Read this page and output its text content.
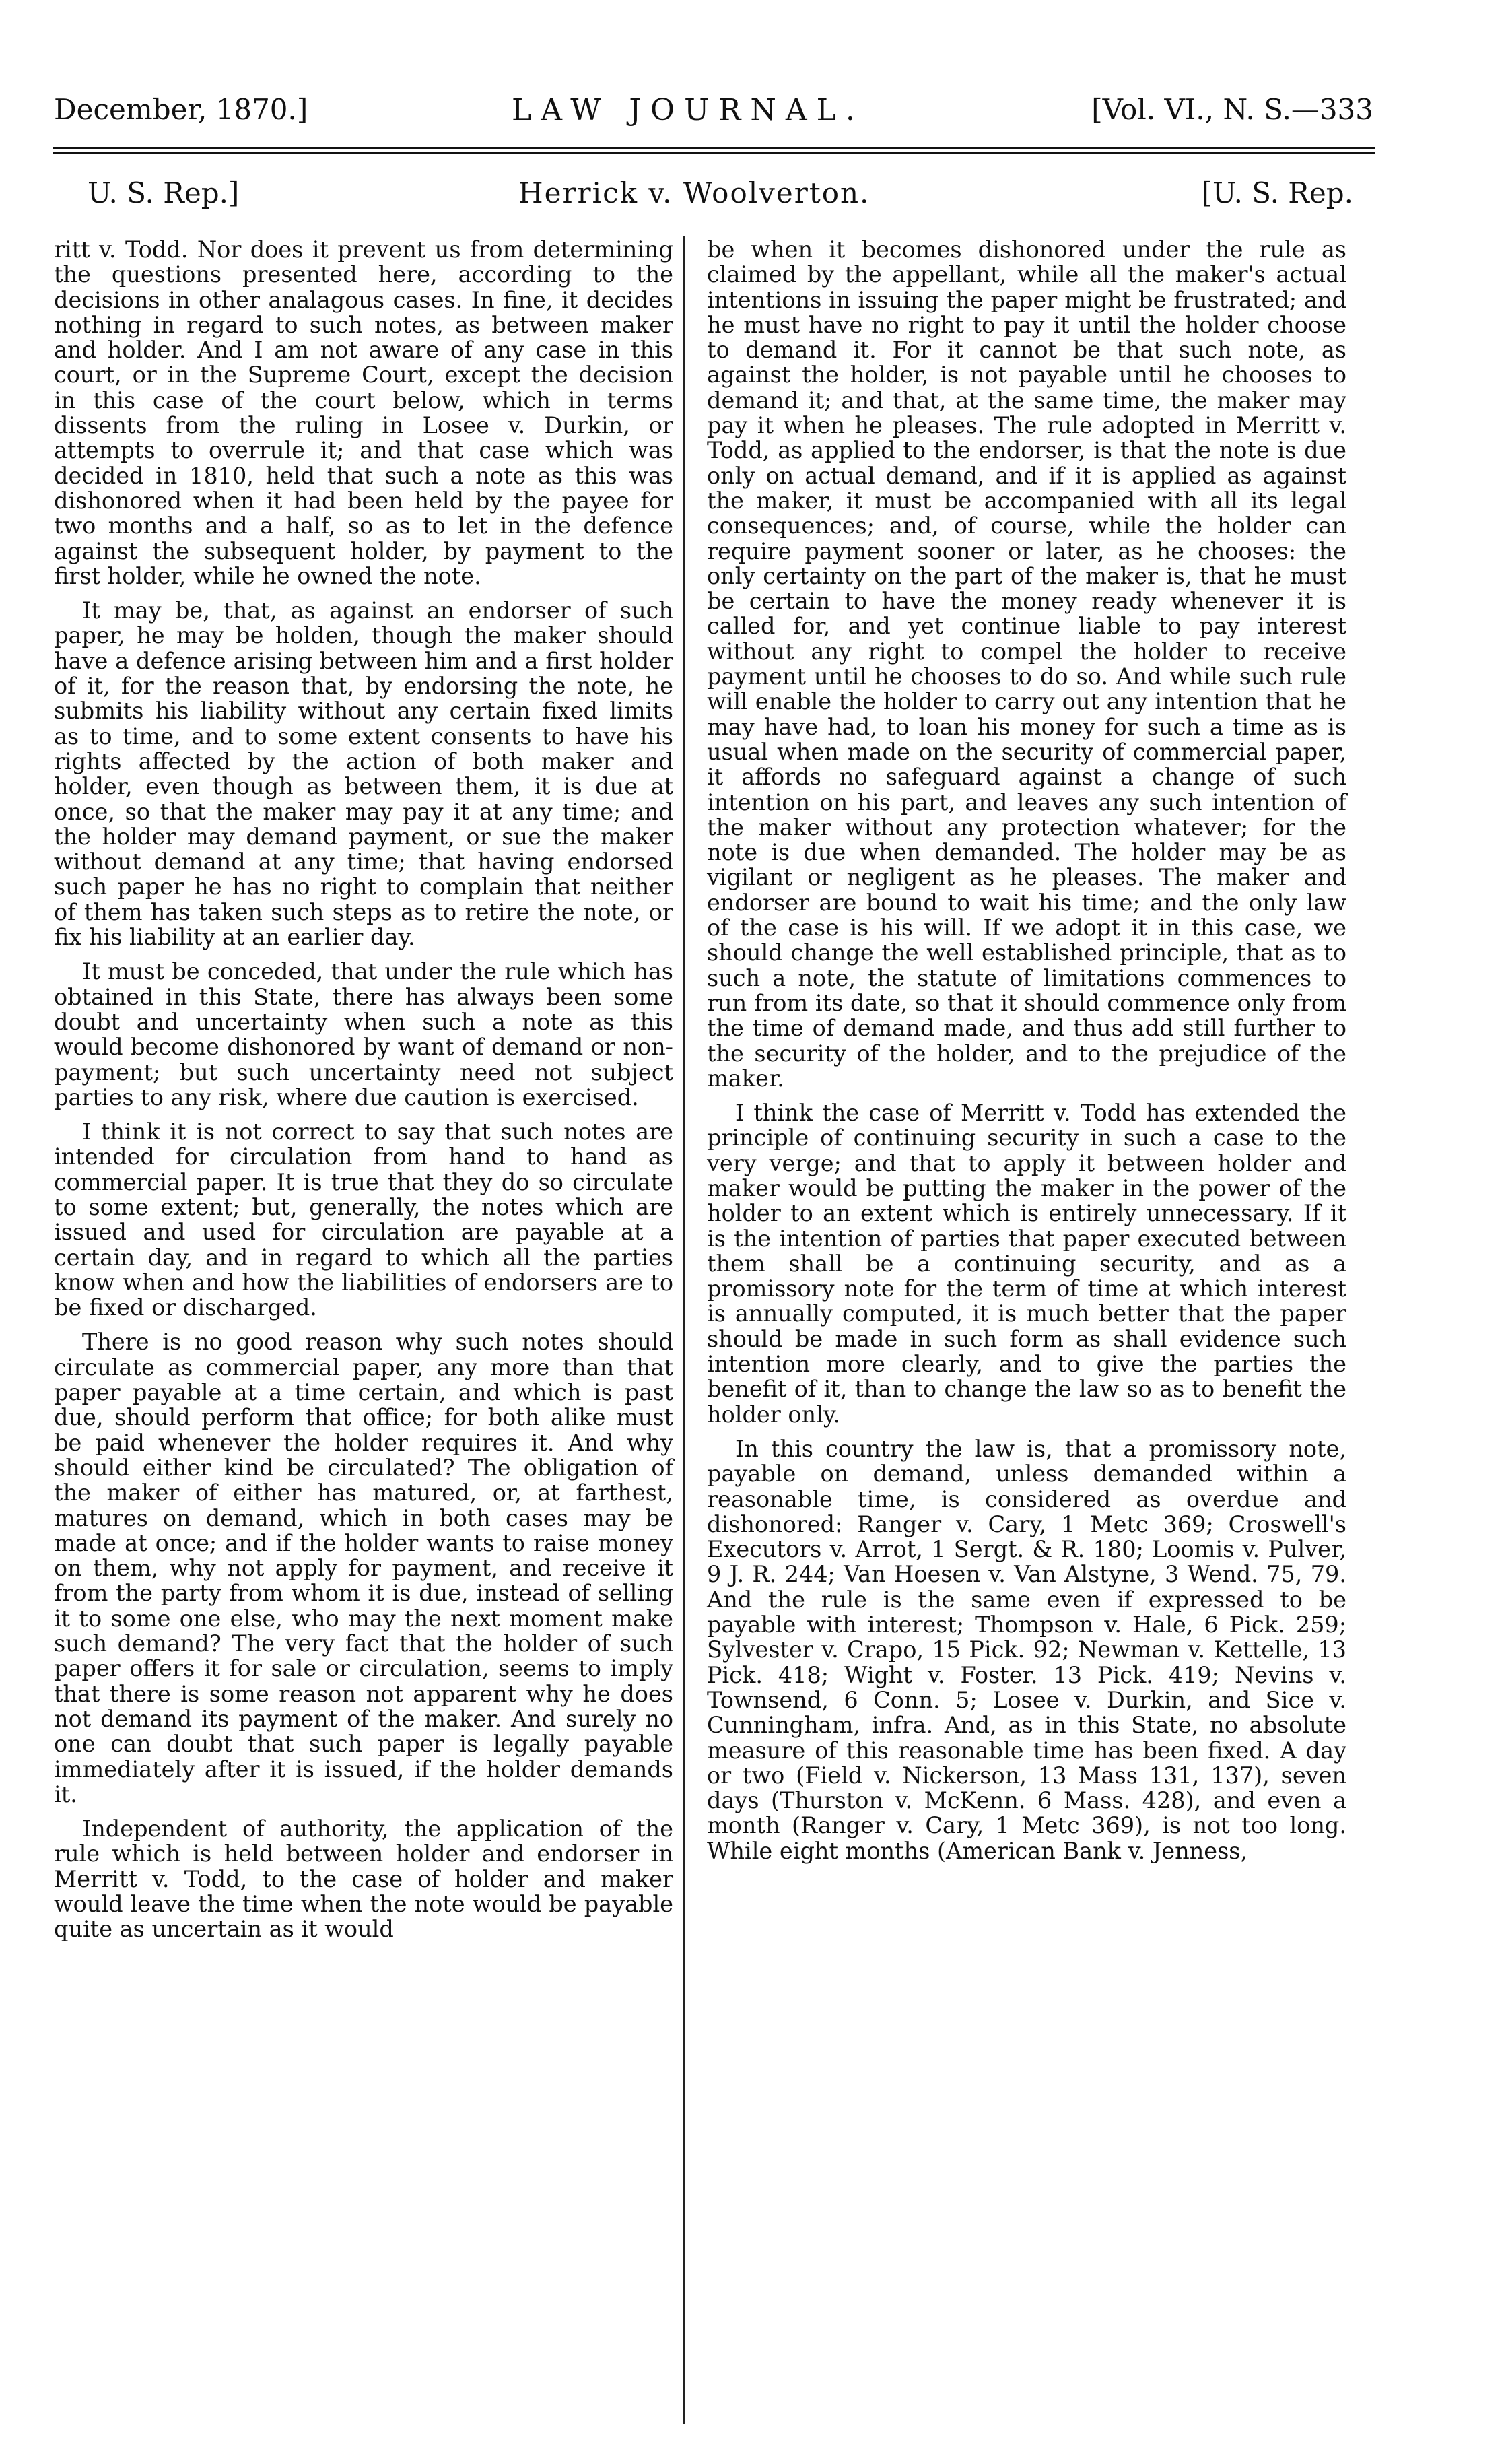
December, 1870.]	LAW JOURNAL.	[Vol. VI., N. S.—333
U. S. Rep.]	Herrick v. Woolverton.	[U. S. Rep.

ritt v. Todd. Nor does it prevent us from determining the questions presented here, according to the decisions in other analagous cases. In fine, it decides nothing in regard to such notes, as between maker and holder. And I am not aware of any case in this court, or in the Supreme Court, except the decision in this case of the court below, which in terms dissents from the ruling in Losee v. Durkin, or attempts to overrule it; and that case which was decided in 1810, held that such a note as this was dishonored when it had been held by the payee for two months and a half, so as to let in the defence against the subsequent holder, by payment to the first holder, while he owned the note.

It may be, that, as against an endorser of such paper, he may be holden, though the maker should have a defence arising between him and a first holder of it, for the reason that, by endorsing the note, he submits his liability without any certain fixed limits as to time, and to some extent consents to have his rights affected by the action of both maker and holder, even though as between them, it is due at once, so that the maker may pay it at any time; and the holder may demand payment, or sue the maker without demand at any time; that having endorsed such paper he has no right to complain that neither of them has taken such steps as to retire the note, or fix his liability at an earlier day.

It must be conceded, that under the rule which has obtained in this State, there has always been some doubt and uncertainty when such a note as this would become dishonored by want of demand or non-payment; but such uncertainty need not subject parties to any risk, where due caution is exercised.

I think it is not correct to say that such notes are intended for circulation from hand to hand as commercial paper. It is true that they do so circulate to some extent; but, generally, the notes which are issued and used for circulation are payable at a certain day, and in regard to which all the parties know when and how the liabilities of endorsers are to be fixed or discharged.

There is no good reason why such notes should circulate as commercial paper, any more than that paper payable at a time certain, and which is past due, should perform that office; for both alike must be paid whenever the holder requires it. And why should either kind be circulated? The obligation of the maker of either has matured, or, at farthest, matures on demand, which in both cases may be made at once; and if the holder wants to raise money on them, why not apply for payment, and receive it from the party from whom it is due, instead of selling it to some one else, who may the next moment make such demand? The very fact that the holder of such paper offers it for sale or circulation, seems to imply that there is some reason not apparent why he does not demand its payment of the maker. And surely no one can doubt that such paper is legally payable immediately after it is issued, if the holder demands it.

Independent of authority, the application of the rule which is held between holder and endorser in Merritt v. Todd, to the case of holder and maker would leave the time when the note would be payable quite as uncertain as it would

be when it becomes dishonored under the rule as claimed by the appellant, while all the maker's actual intentions in issuing the paper might be frustrated; and he must have no right to pay it until the holder choose to demand it. For it cannot be that such note, as against the holder, is not payable until he chooses to demand it; and that, at the same time, the maker may pay it when he pleases. The rule adopted in Merritt v. Todd, as applied to the endorser, is that the note is due only on actual demand, and if it is applied as against the maker, it must be accompanied with all its legal consequences; and, of course, while the holder can require payment sooner or later, as he chooses: the only certainty on the part of the maker is, that he must be certain to have the money ready whenever it is called for, and yet continue liable to pay interest without any right to compel the holder to receive payment until he chooses to do so. And while such rule will enable the holder to carry out any intention that he may have had, to loan his money for such a time as is usual when made on the security of commercial paper, it affords no safeguard against a change of such intention on his part, and leaves any such intention of the maker without any protection whatever; for the note is due when demanded. The holder may be as vigilant or negligent as he pleases. The maker and endorser are bound to wait his time; and the only law of the case is his will. If we adopt it in this case, we should change the well established principle, that as to such a note, the statute of limitations commences to run from its date, so that it should commence only from the time of demand made, and thus add still further to the security of the holder, and to the prejudice of the maker.

I think the case of Merritt v. Todd has extended the principle of continuing security in such a case to the very verge; and that to apply it between holder and maker would be putting the maker in the power of the holder to an extent which is entirely unnecessary. If it is the intention of parties that paper executed between them shall be a continuing security, and as a promissory note for the term of time at which interest is annually computed, it is much better that the paper should be made in such form as shall evidence such intention more clearly, and to give the parties the benefit of it, than to change the law so as to benefit the holder only.

In this country the law is, that a promissory note, payable on demand, unless demanded within a reasonable time, is considered as overdue and dishonored: Ranger v. Cary, 1 Metc 369; Croswell's Executors v. Arrot, 1 Sergt. & R. 180; Loomis v. Pulver, 9 J. R. 244; Van Hoesen v. Van Alstyne, 3 Wend. 75, 79. And the rule is the same even if expressed to be payable with interest; Thompson v. Hale, 6 Pick. 259; Sylvester v. Crapo, 15 Pick. 92; Newman v. Kettelle, 13 Pick. 418; Wight v. Foster. 13 Pick. 419; Nevins v. Townsend, 6 Conn. 5; Losee v. Durkin, and Sice v. Cunningham, infra. And, as in this State, no absolute measure of this reasonable time has been fixed. A day or two (Field v. Nickerson, 13 Mass 131, 137), seven days (Thurston v. McKenn. 6 Mass. 428), and even a month (Ranger v. Cary, 1 Metc 369), is not too long. While eight months (American Bank v. Jenness,
